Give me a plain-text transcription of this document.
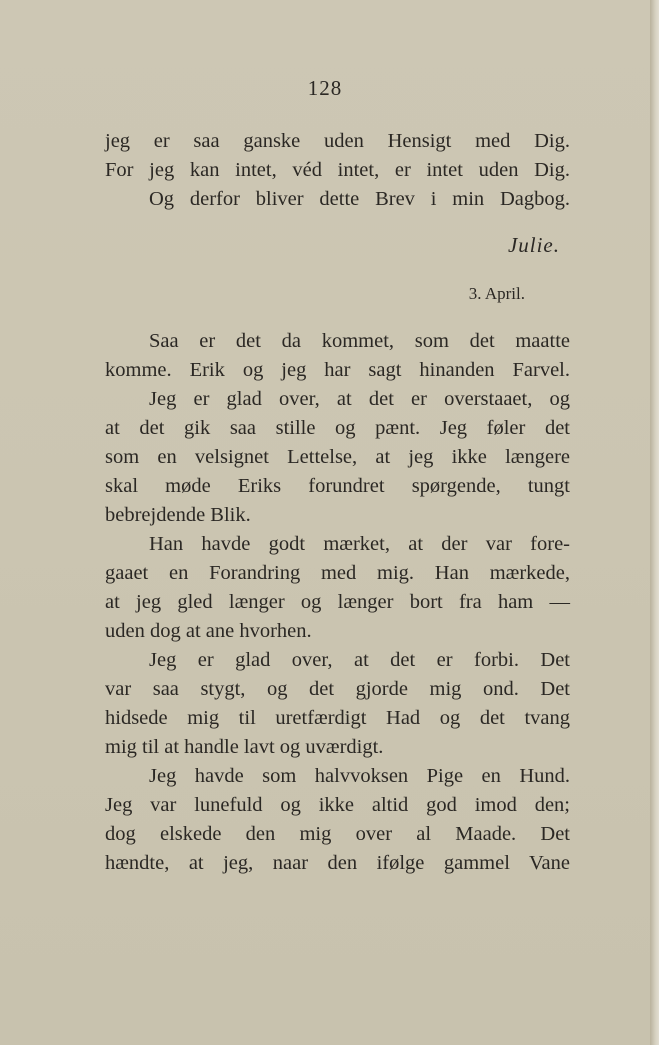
128
jeg er saa ganske uden Hensigt med Dig.
For jeg kan intet, véd intet, er intet uden Dig.
Og derfor bliver dette Brev i min Dagbog.
Julie.
3. April.
Saa er det da kommet, som det maatte
komme. Erik og jeg har sagt hinanden Farvel.
Jeg er glad over, at det er overstaaet, og
at det gik saa stille og pænt. Jeg føler det
som en velsignet Lettelse, at jeg ikke længere
skal møde Eriks forundret spørgende, tungt
bebrejdende Blik.
Han havde godt mærket, at der var fore-
gaaet en Forandring med mig. Han mærkede,
at jeg gled længer og længer bort fra ham —
uden dog at ane hvorhen.
Jeg er glad over, at det er forbi. Det
var saa stygt, og det gjorde mig ond. Det
hidsede mig til uretfærdigt Had og det tvang
mig til at handle lavt og uværdigt.
Jeg havde som halvvoksen Pige en Hund.
Jeg var lunefuld og ikke altid god imod den;
dog elskede den mig over al Maade. Det
hændte, at jeg, naar den ifølge gammel Vane
